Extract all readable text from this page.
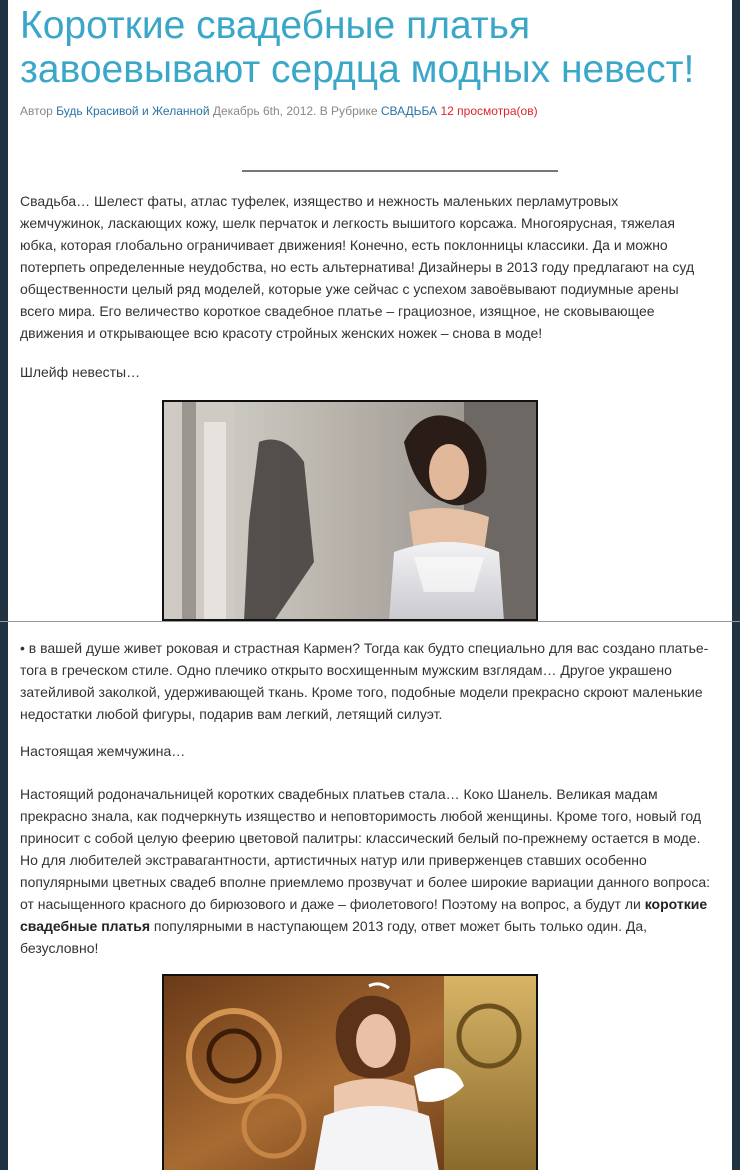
Короткие свадебные платья завоевывают сердца модных невест!
Автор Будь Красивой и Желанной Декабрь 6th, 2012. В Рубрике СВАДЬБА 12 просмотра(ов)

Свадьба… Шелест фаты, атлас туфелек, изящество и нежность маленьких перламутровых жемчужинок, ласкающих кожу, шелк перчаток и легкость вышитого корсажа. Многоярусная, тяжелая юбка, которая глобально ограничивает движения! Конечно, есть поклонницы классики. Да и можно потерпеть определенные неудобства, но есть альтернатива! Дизайнеры в 2013 году предлагают на суд общественности целый ряд моделей, которые уже сейчас с успехом завоёвывают подиумные арены всего мира. Его величество короткое свадебное платье – грациозное, изящное, не сковывающее движения и открывающее всю красоту стройных женских ножек – снова в моде!

Шлейф невесты…

• в вашей душе живет роковая и страстная Кармен? Тогда как будто специально для вас создано платье-тога в греческом стиле. Одно плечико открыто восхищенным мужским взглядам… Другое украшено затейливой заколкой, удерживающей ткань. Кроме того, подобные модели прекрасно скроют маленькие недостатки любой фигуры, подарив вам легкий, летящий силуэт.

Настоящая жемчужина…

Настоящий родоначальницей коротких свадебных платьев стала… Коко Шанель. Великая мадам прекрасно знала, как подчеркнуть изящество и неповторимость любой женщины. Кроме того, новый год приносит с собой целую феерию цветовой палитры: классический белый по-прежнему остается в моде. Но для любителей экстравагантности, артистичных натур или приверженцев ставших особенно популярными цветных свадеб вполне приемлемо прозвучат и более широкие вариации данного вопроса: от насыщенного красного до бирюзового и даже – фиолетового! Поэтому на вопрос, а будут ли короткие свадебные платья популярными в наступающем 2013 году, ответ может быть только один. Да, безусловно!
